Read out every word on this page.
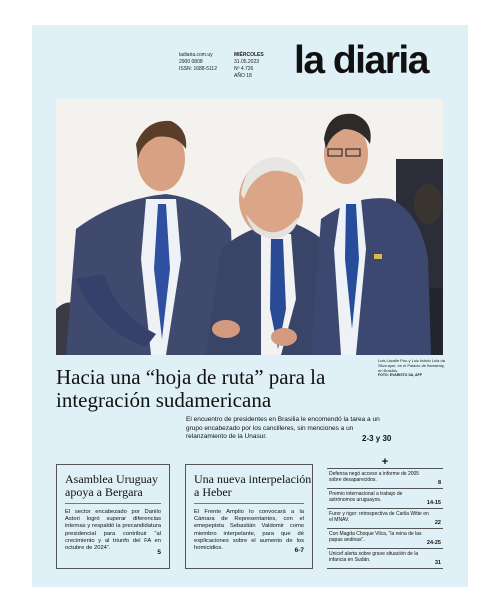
ladiaria.com.uy
2900 0808
ISSN: 1688-5112
MIÉRCOLES
31.05.2023
Nº 4.726
AÑO 18	la diaria
Luis Lacalle Pou y Luiz Inácio Lula da Silva ayer, en el Palacio de Itamaraty, en Brasilia.
FOTO: EVARISTO SA, AFP
Hacia una “hoja de ruta” para la integración sudamericana
El encuentro de presidentes en Brasilia le encomendó la tarea a un grupo encabezado por los cancilleres, sin menciones a un relanzamiento de la Unasur.	2-3 y 30
Asamblea Uruguay apoya a Bergara
El sector encabezado por Danilo Astori logró superar diferencias internas y respaldó la precandidatura presidencial para contribuir “al crecimiento y al triunfo del FA en octubre de 2024”.
5
Una nueva interpelación a Heber
El Frente Amplio lo convocará a la Cámara de Representantes, con el emepepista Sebastián Valdomir como miembro interpelante, para que dé explicaciones sobre el aumento de los homicidios.	6-7
+
Defensa negó acceso a informe de 2005 sobre desaparecidos.	8
Premio internacional a trabajo de astrónomos uruguayos.	14-15
Furor y rigor: retrospectiva de Carlia Witte en el MNAV.	22
Con Magda Choque Vilca, “la reina de las papas andinas”.	24-25
Unicef alerta sobre grave situación de la infancia en Sudán.	31
